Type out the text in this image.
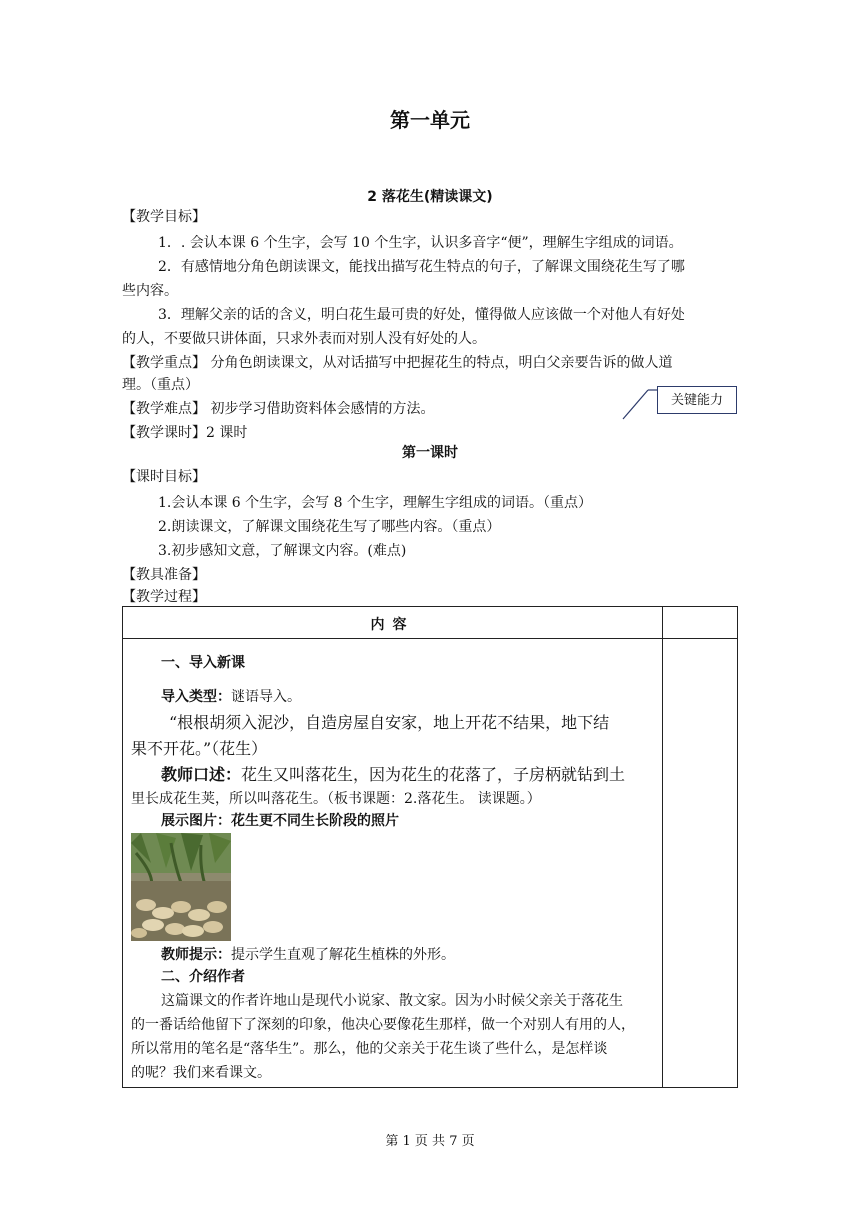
第一单元
2 落花生(精读课文)
【教学目标】
1．. 会认本课 6 个生字，会写 10 个生字，认识多音字“便”，理解生字组成的词语。
2．有感情地分角色朗读课文，能找出描写花生特点的句子，了解课文围绕花生写了哪
些内容。
3．理解父亲的话的含义，明白花生最可贵的好处，懂得做人应该做一个对他人有好处
的人，不要做只讲体面，只求外表而对别人没有好处的人。
【教学重点】 分角色朗读课文，从对话描写中把握花生的特点，明白父亲要告诉的做人道
理。（重点）
【教学难点】 初步学习借助资料体会感情的方法。
关键能力
【教学课时】2 课时
第一课时
【课时目标】
1.会认本课 6 个生字，会写 8 个生字，理解生字组成的词语。（重点）
2.朗读课文，了解课文围绕花生写了哪些内容。（重点）
3.初步感知文意，了解课文内容。(难点)
【教具准备】
【教学过程】
内容
一、导入新课
导入类型：谜语导入。
“根根胡须入泥沙，自造房屋自安家，地上开花不结果，地下结
果不开花。”（花生）
教师口述：花生又叫落花生，因为花生的花落了，子房柄就钻到土
里长成花生荚，所以叫落花生。（板书课题：2.落花生。 读课题。）
展示图片：花生更不同生长阶段的照片
教师提示：提示学生直观了解花生植株的外形。
二、介绍作者
这篇课文的作者许地山是现代小说家、散文家。因为小时候父亲关于落花生
的一番话给他留下了深刻的印象，他决心要像花生那样，做一个对别人有用的人，
所以常用的笔名是“落华生”。那么，他的父亲关于花生谈了些什么，是怎样谈
的呢？我们来看课文。
第 1 页 共 7 页
